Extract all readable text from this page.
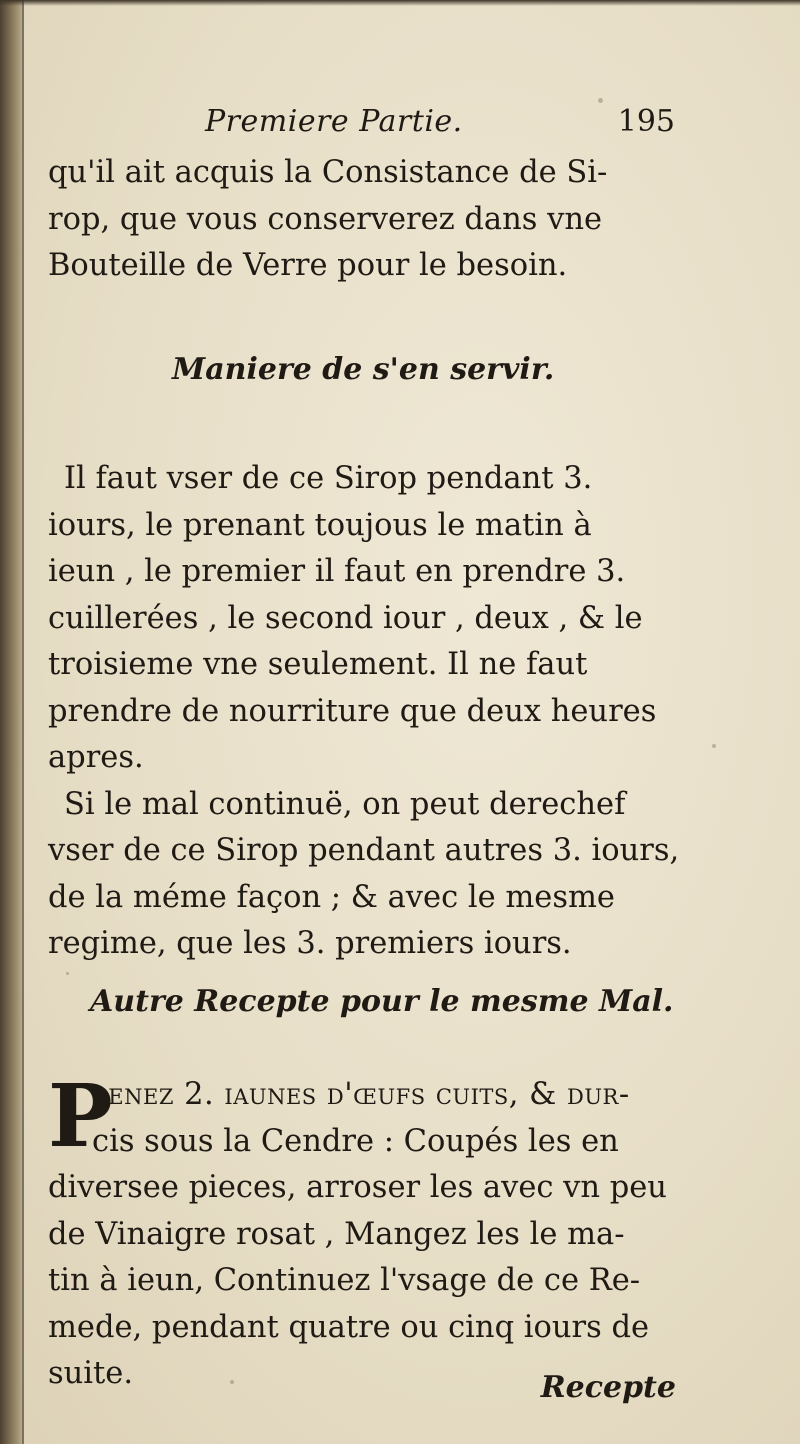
Premiere Partie.	195
qu'il ait acquis la Consistance de Si-
rop, que vous conserverez dans vne
Bouteille de Verre pour le besoin.
Maniere de s'en servir.
Il faut vser de ce Sirop pendant 3.
iours, le prenant toujous le matin à
ieun , le premier il faut en prendre 3.
cuillerées , le second iour , deux , & le
troisieme vne seulement. Il ne faut
prendre de nourriture que deux heures
apres.
Si le mal continuë, on peut derechef
vser de ce Sirop pendant autres 3. iours,
de la méme façon ; & avec le mesme
regime, que les 3. premiers iours.
Autre Recepte pour le mesme Mal.
P
renez 2. iaunes d'œufs cuits, & dur-
cis sous la Cendre : Coupés les en
diversee pieces, arroser les avec vn peu
de Vinaigre rosat , Mangez les le ma-
tin à ieun, Continuez l'vsage de ce Re-
mede, pendant quatre ou cinq iours de
suite.	Recepte
